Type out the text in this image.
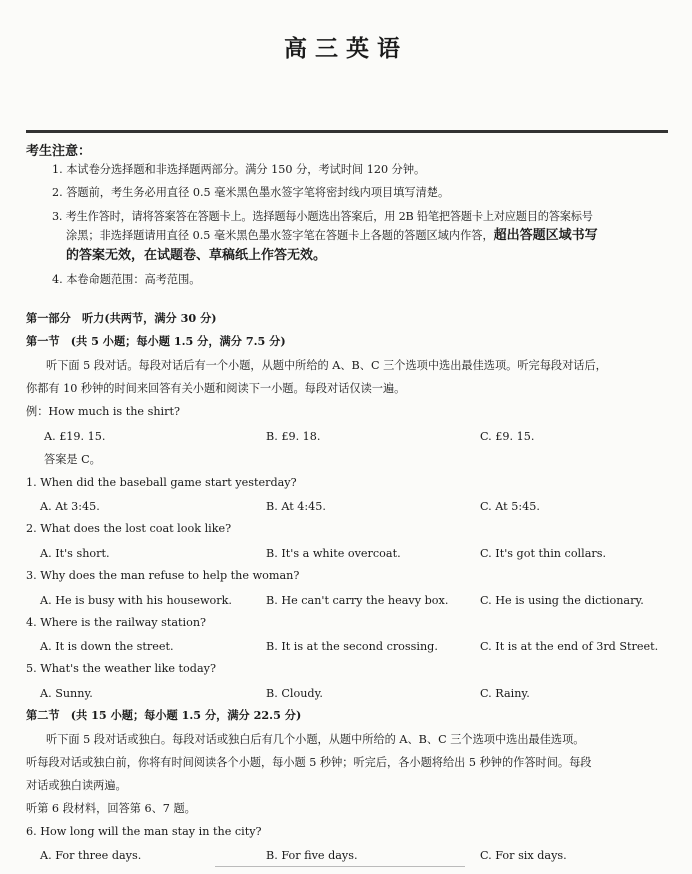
高三英语
考生注意：
1. 本试卷分选择题和非选择题两部分。满分 150 分，考试时间 120 分钟。
2. 答题前，考生务必用直径 0.5 毫米黑色墨水签字笔将密封线内项目填写清楚。
3. 考生作答时，请将答案答在答题卡上。选择题每小题选出答案后，用 2B 铅笔把答题卡上对应题目的答案标号
涂黑；非选择题请用直径 0.5 毫米黑色墨水签字笔在答题卡上各题的答题区域内作答，超出答题区域书写
的答案无效，在试题卷、草稿纸上作答无效。
4. 本卷命题范围：高考范围。
第一部分　听力(共两节，满分 30 分)
第一节　(共 5 小题；每小题 1.5 分，满分 7.5 分)
听下面 5 段对话。每段对话后有一个小题，从题中所给的 A、B、C 三个选项中选出最佳选项。听完每段对话后，
你都有 10 秒钟的时间来回答有关小题和阅读下一小题。每段对话仅读一遍。
例：How much is the shirt?
A. £19. 15.	B. £9. 18.	C. £9. 15.
答案是 C。
1. When did the baseball game start yesterday?
A. At 3:45.	B. At 4:45.	C. At 5:45.
2. What does the lost coat look like?
A. It's short.	B. It's a white overcoat.	C. It's got thin collars.
3. Why does the man refuse to help the woman?
A. He is busy with his housework.	B. He can't carry the heavy box.	C. He is using the dictionary.
4. Where is the railway station?
A. It is down the street.	B. It is at the second crossing.	C. It is at the end of 3rd Street.
5. What's the weather like today?
A. Sunny.	B. Cloudy.	C. Rainy.
第二节　(共 15 小题；每小题 1.5 分，满分 22.5 分)
听下面 5 段对话或独白。每段对话或独白后有几个小题，从题中所给的 A、B、C 三个选项中选出最佳选项。
听每段对话或独白前，你将有时间阅读各个小题，每小题 5 秒钟；听完后，各小题将给出 5 秒钟的作答时间。每段
对话或独白读两遍。
听第 6 段材料，回答第 6、7 题。
6. How long will the man stay in the city?
A. For three days.	B. For five days.	C. For six days.
